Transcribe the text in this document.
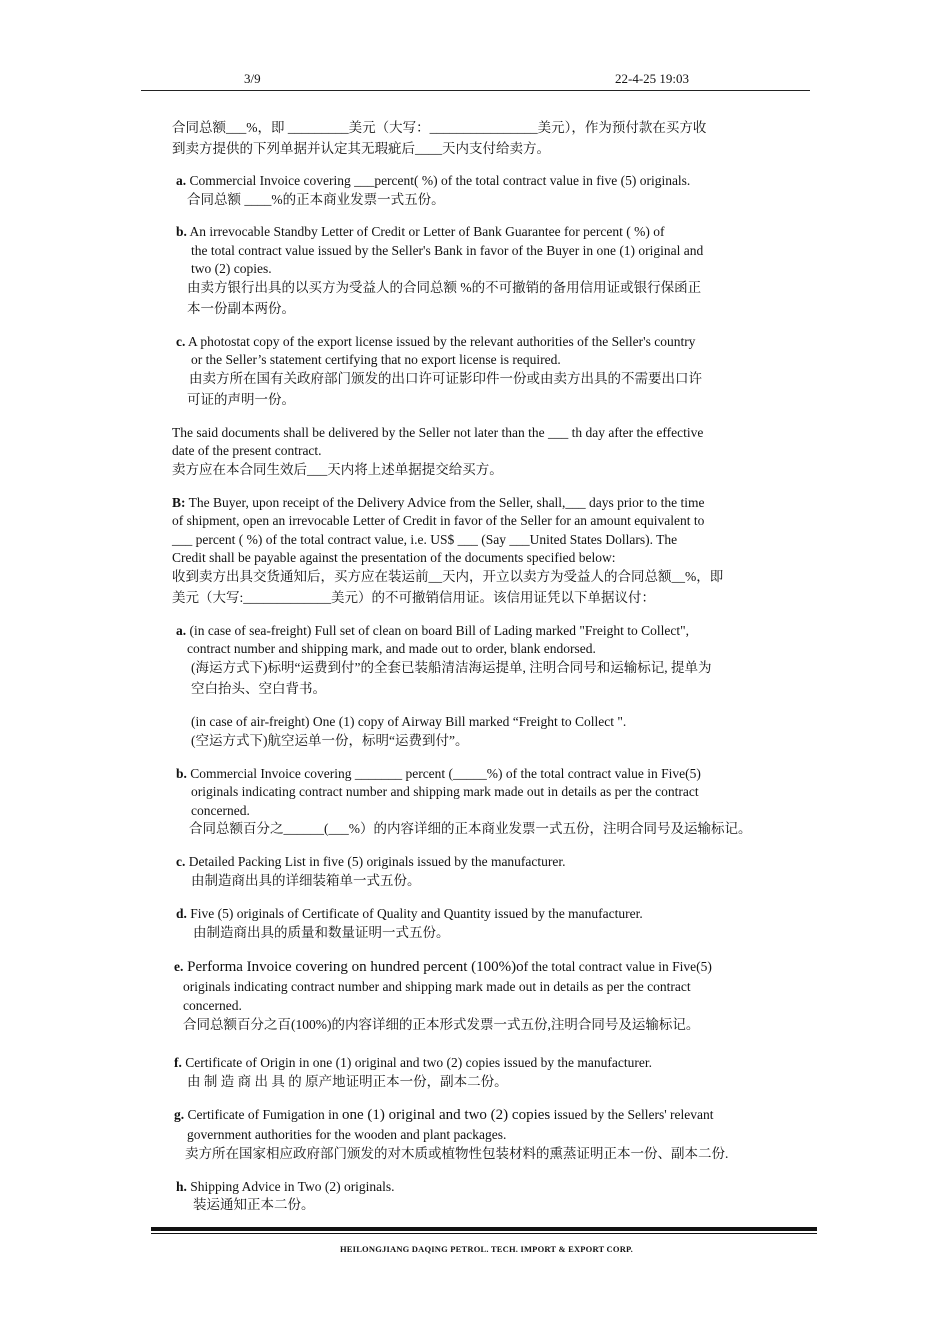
3/9	22-4-25 19:03
合同总额___%，即 _________美元（大写：________________美元），作为预付款在买方收
到卖方提供的下列单据并认定其无瑕疵后____天内支付给卖方。
a. Commercial Invoice covering ___percent( %) of the total contract value in five (5) originals.
合同总额 ____%的正本商业发票一式五份。
b. An irrevocable Standby Letter of Credit or Letter of Bank Guarantee for percent ( %) of
the total contract value issued by the Seller's Bank in favor of the Buyer in one (1) original and
two (2) copies.
由卖方银行出具的以买方为受益人的合同总额 %的不可撤销的备用信用证或银行保函正
本一份副本两份。
c. A photostat copy of the export license issued by the relevant authorities of the Seller's country
or the Seller’s statement certifying that no export license is required.
由卖方所在国有关政府部门颁发的出口许可证影印件一份或由卖方出具的不需要出口许
可证的声明一份。
The said documents shall be delivered by the Seller not later than the ___ th day after the effective
date of the present contract.
卖方应在本合同生效后___天内将上述单据提交给买方。
B: The Buyer, upon receipt of the Delivery Advice from the Seller, shall,___ days prior to the time
of shipment, open an irrevocable Letter of Credit in favor of the Seller for an amount equivalent to
___ percent ( %) of the total contract value, i.e. US$ ___ (Say ___United States Dollars). The
Credit shall be payable against the presentation of the documents specified below:
收到卖方出具交货通知后，买方应在装运前__天内，开立以卖方为受益人的合同总额__%，即
美元（大写:_____________美元）的不可撤销信用证。该信用证凭以下单据议付：
a. (in case of sea-freight) Full set of clean on board Bill of Lading marked "Freight to Collect",
contract number and shipping mark, and made out to order, blank endorsed.
(海运方式下)标明“运费到付”的全套已装船清洁海运提单, 注明合同号和运输标记, 提单为
空白抬头、空白背书。
(in case of air-freight) One (1) copy of Airway Bill marked “Freight to Collect ".
(空运方式下)航空运单一份，标明“运费到付”。
b. Commercial Invoice covering _______ percent (_____%) of the total contract value in Five(5)
originals indicating contract number and shipping mark made out in details as per the contract
concerned.
合同总额百分之______(___%）的内容详细的正本商业发票一式五份，注明合同号及运输标记。
c. Detailed Packing List in five (5) originals issued by the manufacturer.
由制造商出具的详细装箱单一式五份。
d. Five (5) originals of Certificate of Quality and Quantity issued by the manufacturer.
由制造商出具的质量和数量证明一式五份。
e. Performa Invoice covering on hundred percent (100%)of the total contract value in Five(5)
originals indicating contract number and shipping mark made out in details as per the contract
concerned.
合同总额百分之百(100%)的内容详细的正本形式发票一式五份,注明合同号及运输标记。
f. Certificate of Origin in one (1) original and two (2) copies issued by the manufacturer.
由 制 造 商 出 具 的 原产地证明正本一份，副本二份。
g. Certificate of Fumigation in one (1) original and two (2) copies issued by the Sellers' relevant
government authorities for the wooden and plant packages.
卖方所在国家相应政府部门颁发的对木质或植物性包装材料的熏蒸证明正本一份、副本二份.
h. Shipping Advice in Two (2) originals.
装运通知正本二份。
HEILONGJIANG DAQING PETROL. TECH. IMPORT & EXPORT CORP.
